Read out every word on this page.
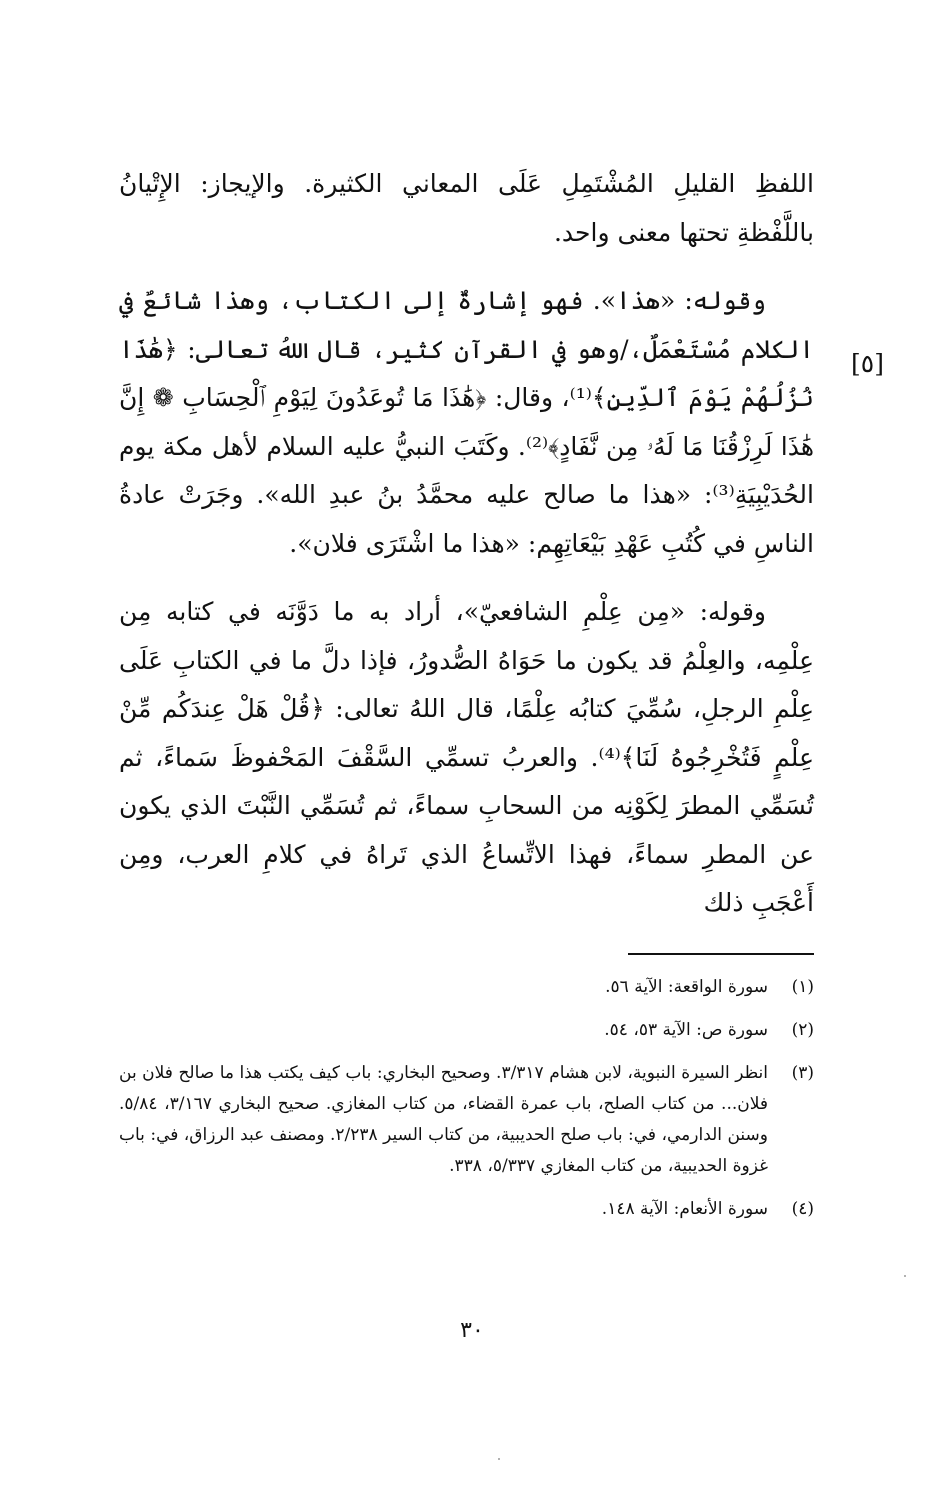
اللفظِ القليلِ المُشْتَمِلِ عَلَى المعاني الكثيرة. والإيجاز: الإِتْيانُ باللَّفْظةِ تحتها معنى واحد.

وقوله: «هذا». فهو إشارةٌ إلى الكتاب، وهذا شائعٌ في الكلام مُسْتَعْمَلٌ،/وهو في القرآن كثير، قال اللهُ تعالى: ﴿هَٰذَا نُزُلُهُمْ يَوْمَ ٱلدِّينِ﴾⁽¹⁾، وقال: ﴿هَٰذَا مَا تُوعَدُونَ لِيَوْمِ ٱلْحِسَابِ ❁ إِنَّ هَٰذَا لَرِزْقُنَا مَا لَهُۥ مِن نَّفَادٍ﴾⁽²⁾. وكَتَبَ النبيُّ عليه السلام لأهل مكة يوم الحُدَيْبِيَةِ⁽³⁾: «هذا ما صالح عليه محمَّدُ بنُ عبدِ الله». وجَرَتْ عادةُ الناسِ في كُتُبِ عَهْدِ بَيْعَاتِهِم: «هذا ما اشْتَرَى فلان».

وقوله: «مِن عِلْمِ الشافعيّ»، أراد به ما دَوَّنَه في كتابه مِن عِلْمِه، والعِلْمُ قد يكون ما حَوَاهُ الصُّدورُ، فإذا دلَّ ما في الكتابِ عَلَى عِلْمِ الرجلِ، سُمِّيَ كتابُه عِلْمًا، قال اللهُ تعالى: ﴿قُلْ هَلْ عِندَكُم مِّنْ عِلْمٍ فَتُخْرِجُوهُ لَنَا﴾⁽⁴⁾. والعربُ تسمِّي السَّقْفَ المَحْفوظَ سَماءً، ثم تُسَمِّي المطرَ لِكَوْنِه من السحابِ سماءً، ثم تُسَمِّي النَّبْتَ الذي يكون عن المطرِ سماءً، فهذا الاتِّساعُ الذي تَراهُ في كلامِ العرب، ومِن أَعْجَبِ ذلك

[٥]
(١)
سورة الواقعة: الآية ٥٦.
(٢)
سورة ص: الآية ٥٣، ٥٤.
(٣)
انظر السيرة النبوية، لابن هشام ٣/٣١٧. وصحيح البخاري: باب كيف يكتب هذا ما صالح فلان بن فلان... من كتاب الصلح، باب عمرة القضاء، من كتاب المغازي. صحيح البخاري ٣/١٦٧، ٥/٨٤. وسنن الدارمي، في: باب صلح الحديبية، من كتاب السير ٢/٢٣٨. ومصنف عبد الرزاق، في: باب غزوة الحديبية، من كتاب المغازي ٥/٣٣٧، ٣٣٨.
(٤)
سورة الأنعام: الآية ١٤٨.
٣٠
